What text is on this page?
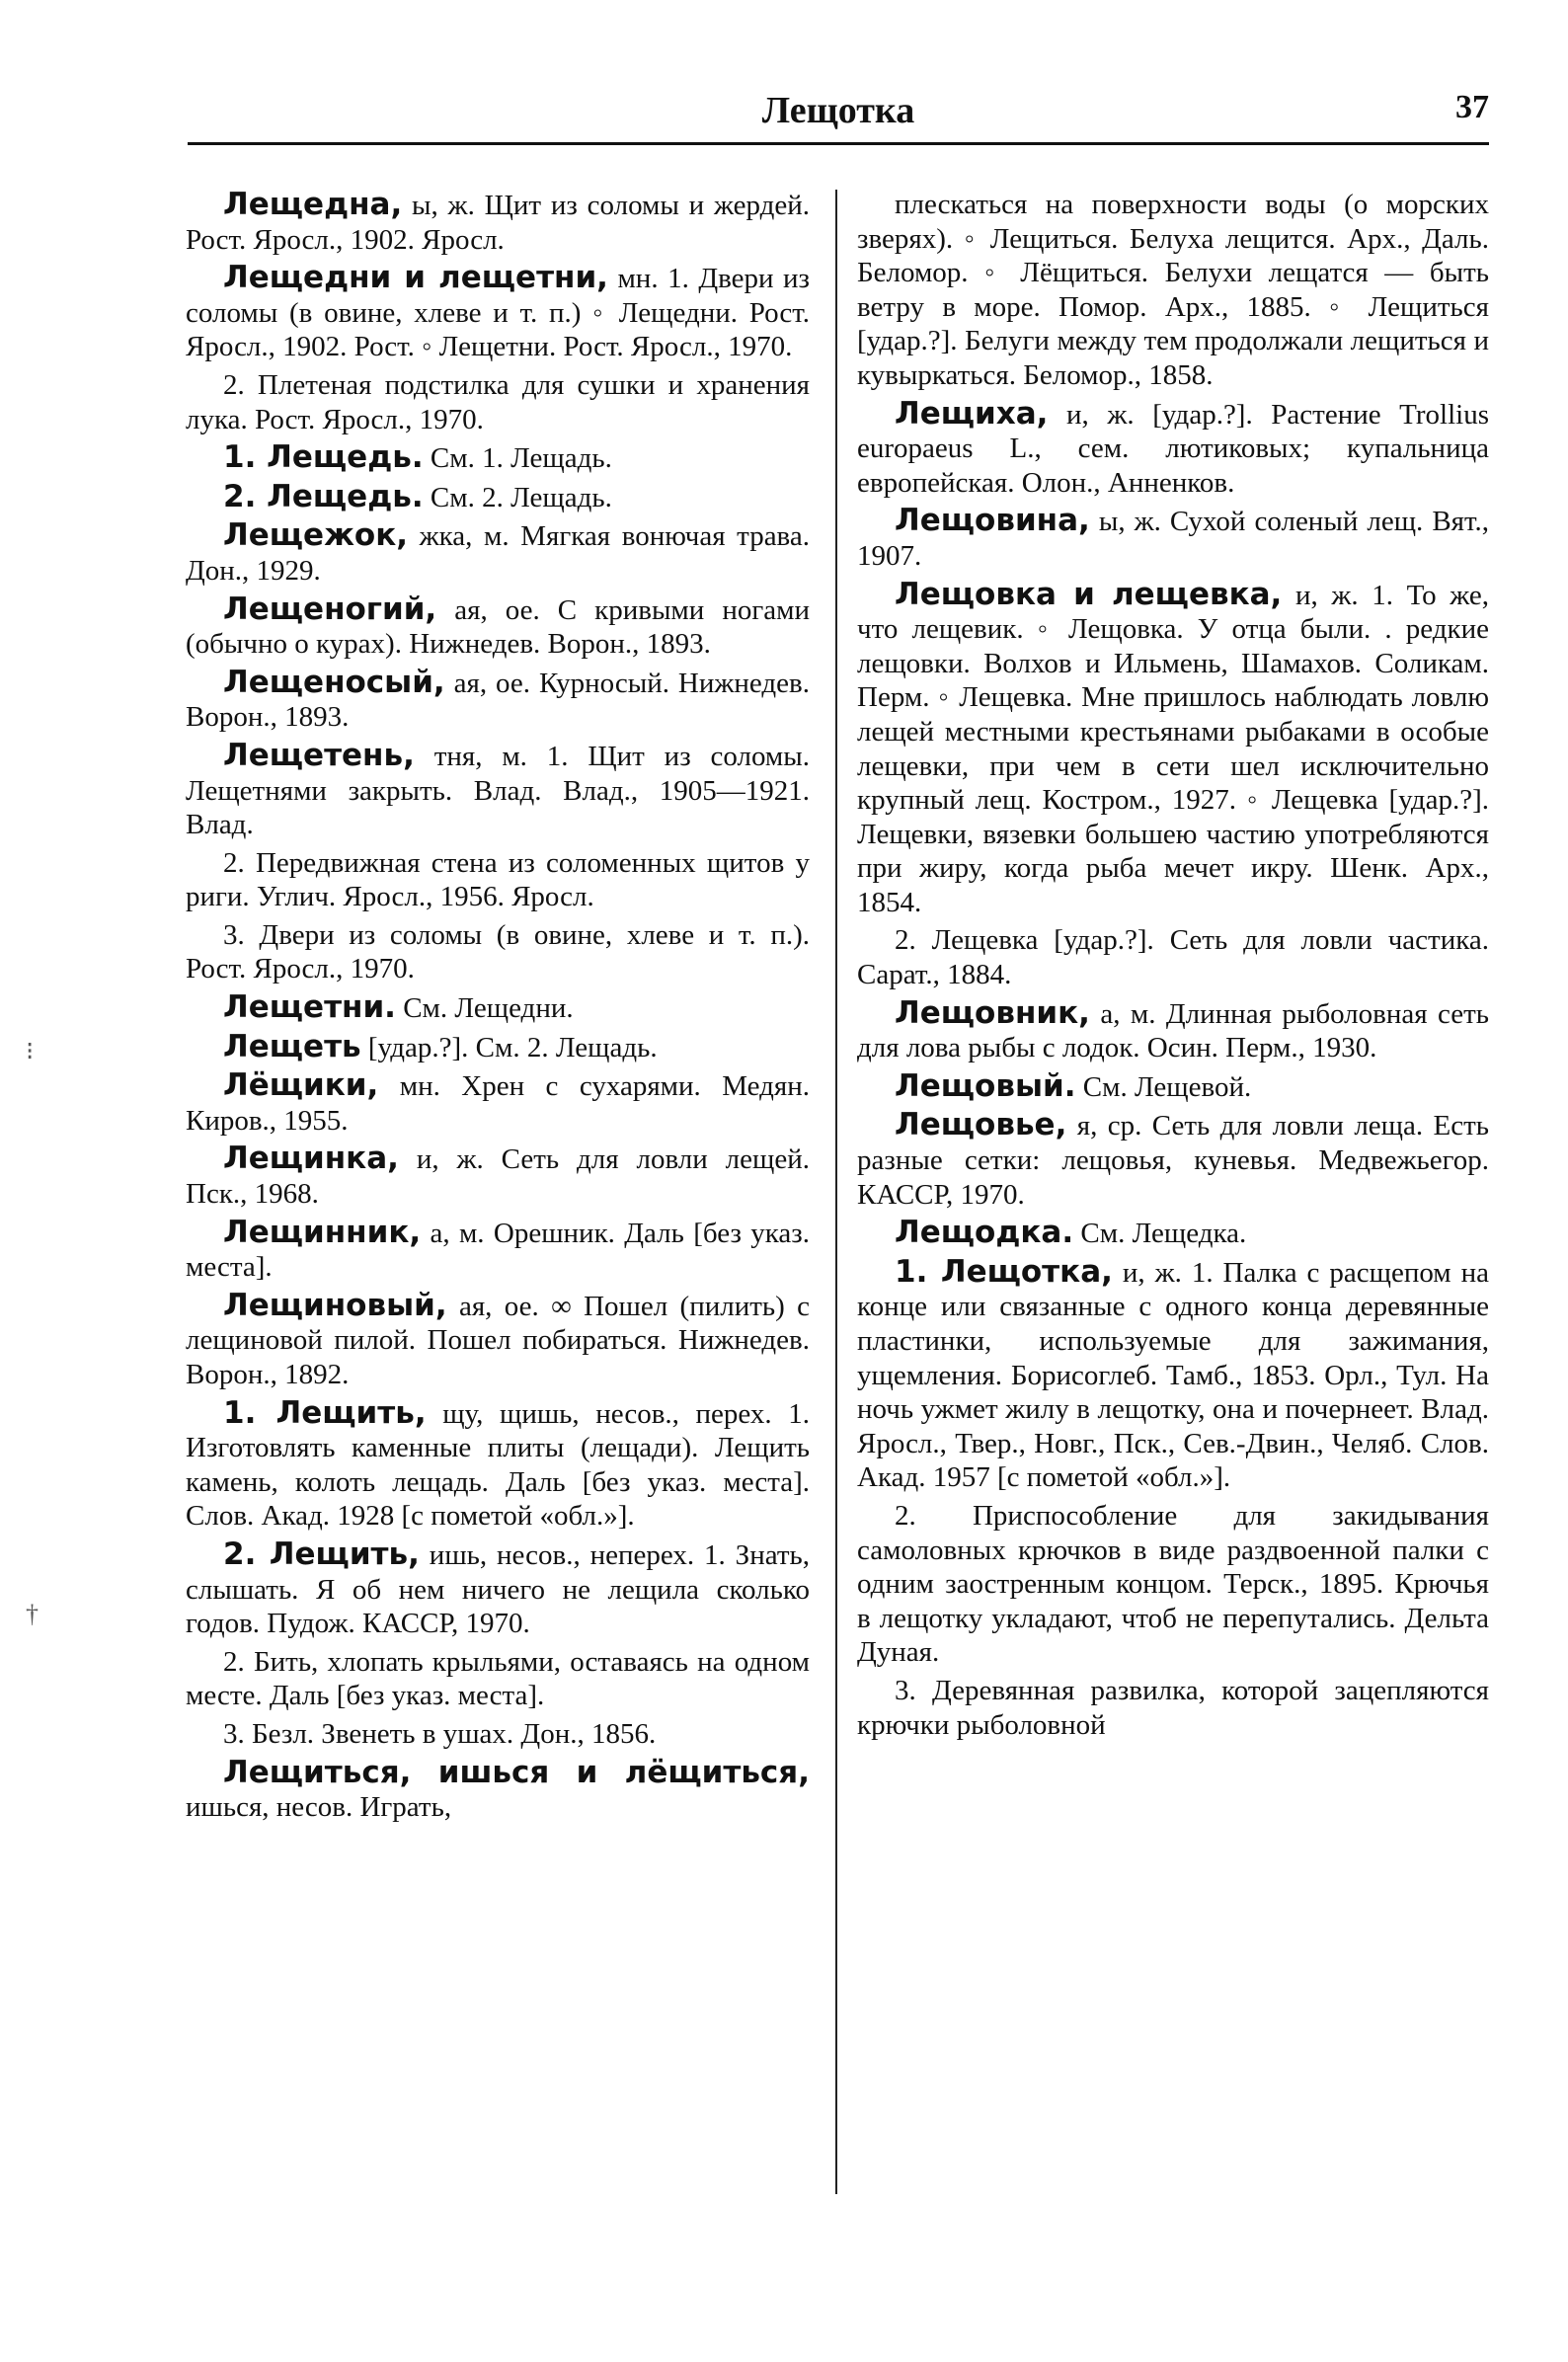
Лещотка	37
⁝
†

Лещедна, ы, ж. Щит из соломы и жердей. Рост. Яросл., 1902. Яросл.

Лещедни и лещетни, мн. 1. Двери из соломы (в овине, хлеве и т. п.) ◦ Лещедни. Рост. Яросл., 1902. Рост. ◦ Лещетни. Рост. Яросл., 1970.

2. Плетеная подстилка для сушки и хранения лука. Рост. Яросл., 1970.

1. Лещедь. См. 1. Лещадь.

2. Лещедь. См. 2. Лещадь.

Лещежок, жка, м. Мягкая вонючая трава. Дон., 1929.

Лещеногий, ая, ое. С кривыми ногами (обычно о курах). Нижнедев. Ворон., 1893.

Лещеносый, ая, ое. Курносый. Нижнедев. Ворон., 1893.

Лещетень, тня, м. 1. Щит из соломы. Лещетнями закрыть. Влад. Влад., 1905—1921. Влад.

2. Передвижная стена из соломенных щитов у риги. Углич. Яросл., 1956. Яросл.

3. Двери из соломы (в овине, хлеве и т. п.). Рост. Яросл., 1970.

Лещетни. См. Лещедни.

Лещеть [удар.?]. См. 2. Лещадь.

Лёщики, мн. Хрен с сухарями. Медян. Киров., 1955.

Лещинка, и, ж. Сеть для ловли лещей. Пск., 1968.

Лещинник, а, м. Орешник. Даль [без указ. места].

Лещиновый, ая, ое. ∞ Пошел (пилить) с лещиновой пилой. Пошел побираться. Нижнедев. Ворон., 1892.

1. Лещить, щу, щишь, несов., перех. 1. Изготовлять каменные плиты (лещади). Лещить камень, колоть лещадь. Даль [без указ. места]. Слов. Акад. 1928 [с пометой «обл.»].

2. Лещить, ишь, несов., неперех. 1. Знать, слышать. Я об нем ничего не лещила сколько годов. Пудож. КАССР, 1970.

2. Бить, хлопать крыльями, оставаясь на одном месте. Даль [без указ. места].

3. Безл. Звенеть в ушах. Дон., 1856.

Лещиться, ишься и лёщиться, ишься, несов. Играть,

плескаться на поверхности воды (о морских зверях). ◦ Лещиться. Белуха лещится. Арх., Даль. Беломор. ◦ Лёщиться. Белухи лещатся — быть ветру в море. Помор. Арх., 1885. ◦ Лещиться [удар.?]. Белуги между тем продолжали лещиться и кувыркаться. Беломор., 1858.

Лещиха, и, ж. [удар.?]. Растение Trollius europaeus L., сем. лютиковых; купальница европейская. Олон., Анненков.

Лещовина, ы, ж. Сухой соленый лещ. Вят., 1907.

Лещовка и лещевка, и, ж. 1. То же, что лещевик. ◦ Лещовка. У отца были. . редкие лещовки. Волхов и Ильмень, Шамахов. Соликам. Перм. ◦ Лещевка. Мне пришлось наблюдать ловлю лещей местными крестьянами рыбаками в особые лещевки, при чем в сети шел исключительно крупный лещ. Костром., 1927. ◦ Лещевка [удар.?]. Лещевки, вязевки большею частию употребляются при жиру, когда рыба мечет икру. Шенк. Арх., 1854.

2. Лещевка [удар.?]. Сеть для ловли частика. Сарат., 1884.

Лещовник, а, м. Длинная рыболовная сеть для лова рыбы с лодок. Осин. Перм., 1930.

Лещовый. См. Лещевой.

Лещовье, я, ср. Сеть для ловли леща. Есть разные сетки: лещовья, куневья. Медвежьегор. КАССР, 1970.

Лещодка. См. Лещедка.

1. Лещотка, и, ж. 1. Палка с расщепом на конце или связанные с одного конца деревянные пластинки, используемые для зажимания, ущемления. Борисоглеб. Тамб., 1853. Орл., Тул. На ночь ужмет жилу в лещотку, она и почернеет. Влад. Яросл., Твер., Новг., Пск., Сев.-Двин., Челяб. Слов. Акад. 1957 [с пометой «обл.»].

2. Приспособление для закидывания самоловных крючков в виде раздвоенной палки с одним заостренным концом. Терск., 1895. Крючья в лещотку укладают, чтоб не перепутались. Дельта Дуная.

3. Деревянная развилка, которой зацепляются крючки рыболовной
